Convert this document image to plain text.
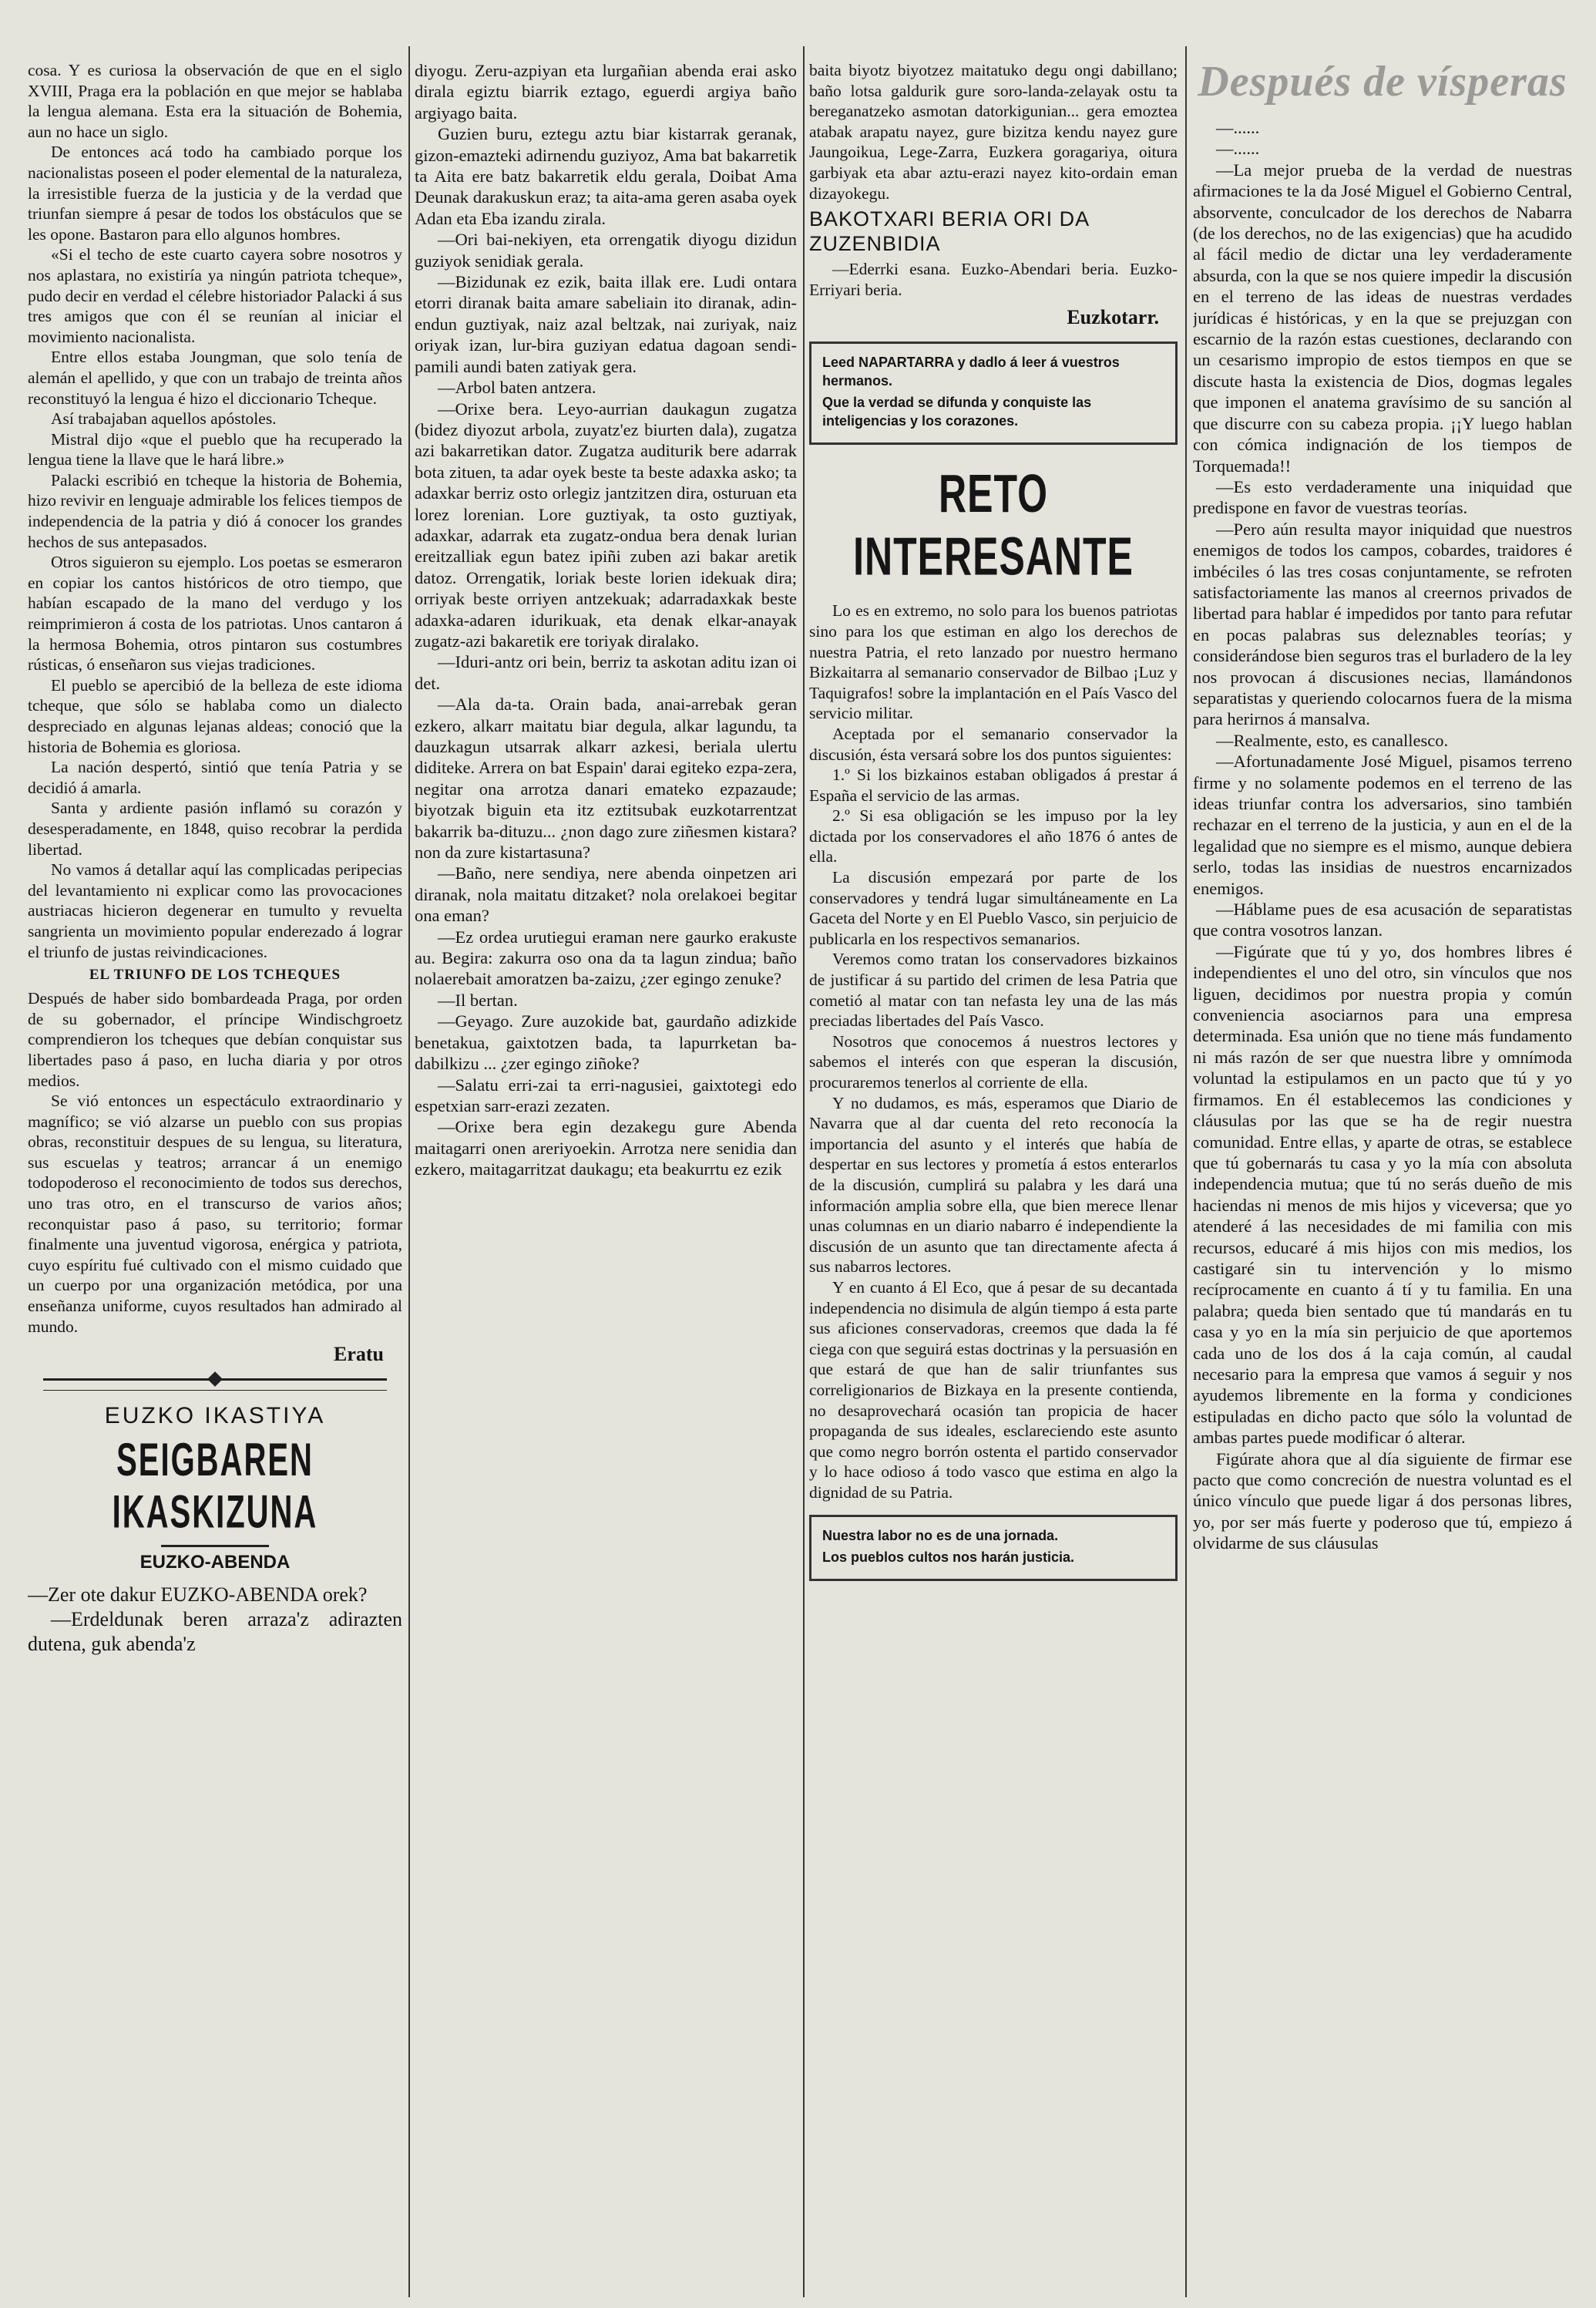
cosa. Y es curiosa la observación de que en el siglo XVIII, Praga era la población en que mejor se hablaba la lengua alemana. Esta era la situación de Bohemia, aun no hace un siglo.

De entonces acá todo ha cambiado porque los nacionalistas poseen el poder elemental de la naturaleza, la irresistible fuerza de la justicia y de la verdad que triunfan siempre á pesar de todos los obstáculos que se les opone. Bastaron para ello algunos hombres.

«Si el techo de este cuarto cayera sobre nosotros y nos aplastara, no existiría ya ningún patriota tcheque», pudo decir en verdad el célebre historiador Palacki á sus tres amigos que con él se reunían al iniciar el movimiento nacionalista.

Entre ellos estaba Joungman, que solo tenía de alemán el apellido, y que con un trabajo de treinta años reconstituyó la lengua é hizo el diccionario Tcheque.

Así trabajaban aquellos apóstoles.

Mistral dijo «que el pueblo que ha recuperado la lengua tiene la llave que le hará libre.»

Palacki escribió en tcheque la historia de Bohemia, hizo revivir en lenguaje admirable los felices tiempos de independencia de la patria y dió á conocer los grandes hechos de sus antepasados.

Otros siguieron su ejemplo. Los poetas se esmeraron en copiar los cantos históricos de otro tiempo, que habían escapado de la mano del verdugo y los reimprimieron á costa de los patriotas. Unos cantaron á la hermosa Bohemia, otros pintaron sus costumbres rústicas, ó enseñaron sus viejas tradiciones.

El pueblo se apercibió de la belleza de este idioma tcheque, que sólo se hablaba como un dialecto despreciado en algunas lejanas aldeas; conoció que la historia de Bohemia es gloriosa.

La nación despertó, sintió que tenía Patria y se decidió á amarla.

Santa y ardiente pasión inflamó su corazón y desesperadamente, en 1848, quiso recobrar la perdida libertad.

No vamos á detallar aquí las complicadas peripecias del levantamiento ni explicar como las provocaciones austriacas hicieron degenerar en tumulto y revuelta sangrienta un movimiento popular enderezado á lograr el triunfo de justas reivindicaciones.

EL TRIUNFO DE LOS TCHEQUES

Después de haber sido bombardeada Praga, por orden de su gobernador, el príncipe Windischgroetz comprendieron los tcheques que debían conquistar sus libertades paso á paso, en lucha diaria y por otros medios.

Se vió entonces un espectáculo extraordinario y magnífico; se vió alzarse un pueblo con sus propias obras, reconstituir despues de su lengua, su literatura, sus escuelas y teatros; arrancar á un enemigo todopoderoso el reconocimiento de todos sus derechos, uno tras otro, en el transcurso de varios años; reconquistar paso á paso, su territorio; formar finalmente una juventud vigorosa, enérgica y patriota, cuyo espíritu fué cultivado con el mismo cuidado que un cuerpo por una organización metódica, por una enseñanza uniforme, cuyos resultados han admirado al mundo.

Eratu
EUZKO IKASTIYA
SEIGBAREN IKASKIZUNA
EUZKO-ABENDA

—Zer ote dakur EUZKO-ABENDA orek?

—Erdeldunak beren arraza'z adirazten dutena, guk abenda'z

diyogu. Zeru-azpiyan eta lurgañian abenda erai asko dirala egiztu biarrik eztago, eguerdi argiya baño argiyago baita.

Guzien buru, eztegu aztu biar kistarrak geranak, gizon-emazteki adirnendu guziyoz, Ama bat bakarretik ta Aita ere batz bakarretik eldu gerala, Doibat Ama Deunak darakuskun eraz; ta aita-ama geren asaba oyek Adan eta Eba izandu zirala.

—Ori bai-nekiyen, eta orrengatik diyogu dizidun guziyok senidiak gerala.

—Bizidunak ez ezik, baita illak ere. Ludi ontara etorri diranak baita amare sabeliain ito diranak, adin-endun guztiyak, naiz azal beltzak, nai zuriyak, naiz oriyak izan, lur-bira guziyan edatua dagoan sendi-pamili aundi baten zatiyak gera.

—Arbol baten antzera.

—Orixe bera. Leyo-aurrian daukagun zugatza (bidez diyozut arbola, zuyatz'ez biurten dala), zugatza azi bakarretikan dator. Zugatza auditurik bere adarrak bota zituen, ta adar oyek beste ta beste adaxka asko; ta adaxkar berriz osto orlegiz jantzitzen dira, osturuan eta lorez lorenian. Lore guztiyak, ta osto guztiyak, adaxkar, adarrak eta zugatz-ondua bera denak lurian ereitzalliak egun batez ipiñi zuben azi bakar aretik datoz. Orrengatik, loriak beste lorien idekuak dira; orriyak beste orriyen antzekuak; adarradaxkak beste adaxka-adaren idurikuak, eta denak elkar-anayak zugatz-azi bakaretik ere toriyak diralako.

—Iduri-antz ori bein, berriz ta askotan aditu izan oi det.

—Ala da-ta. Orain bada, anai-arrebak geran ezkero, alkarr maitatu biar degula, alkar lagundu, ta dauzkagun utsarrak alkarr azkesi, beriala ulertu diditeke. Arrera on bat Espain' darai egiteko ezpa-zera, negitar ona arrotza danari emateko ezpazaude; biyotzak biguin eta itz eztitsubak euzkotarrentzat bakarrik ba-dituzu... ¿non dago zure ziñesmen kistara? non da zure kistartasuna?

—Baño, nere sendiya, nere abenda oinpetzen ari diranak, nola maitatu ditzaket? nola orelakoei begitar ona eman?

—Ez ordea urutiegui eraman nere gaurko erakuste au. Begira: zakurra oso ona da ta lagun zindua; baño nolaerebait amoratzen ba-zaizu, ¿zer egingo zenuke?

—Il bertan.

—Geyago. Zure auzokide bat, gaurdaño adizkide benetakua, gaixtotzen bada, ta lapurrketan ba-dabilkizu ... ¿zer egingo ziñoke?

—Salatu erri-zai ta erri-nagusiei, gaixtotegi edo espetxian sarr-erazi zezaten.

—Orixe bera egin dezakegu gure Abenda maitagarri onen areriyoekin. Arrotza nere senidia dan ezkero, maitagarritzat daukagu; eta beakurrtu ez ezik

baita biyotz biyotzez maitatuko degu ongi dabillano; baño lotsa galdurik gure soro-landa-zelayak ostu ta bereganatzeko asmotan datorkigunian... gera emoztea atabak arapatu nayez, gure bizitza kendu nayez gure Jaungoikua, Lege-Zarra, Euzkera goragariya, oitura garbiyak eta abar aztu-erazi nayez kito-ordain eman dizayokegu.

BAKOTXARI BERIA ORI DA ZUZENBIDIA

—Ederrki esana. Euzko-Abendari beria. Euzko-Erriyari beria.

Euzkotarr.

Leed NAPARTARRA y dadlo á leer á vuestros hermanos.

Que la verdad se difunda y conquiste las inteligencias y los corazones.

RETO INTERESANTE

Lo es en extremo, no solo para los buenos patriotas sino para los que estiman en algo los derechos de nuestra Patria, el reto lanzado por nuestro hermano Bizkaitarra al semanario conservador de Bilbao ¡Luz y Taquigrafos! sobre la implantación en el País Vasco del servicio militar.

Aceptada por el semanario conservador la discusión, ésta versará sobre los dos puntos siguientes:

1.º Si los bizkainos estaban obligados á prestar á España el servicio de las armas.

2.º Si esa obligación se les impuso por la ley dictada por los conservadores el año 1876 ó antes de ella.

La discusión empezará por parte de los conservadores y tendrá lugar simultáneamente en La Gaceta del Norte y en El Pueblo Vasco, sin perjuicio de publicarla en los respectivos semanarios.

Veremos como tratan los conservadores bizkainos de justificar á su partido del crimen de lesa Patria que cometió al matar con tan nefasta ley una de las más preciadas libertades del País Vasco.

Nosotros que conocemos á nuestros lectores y sabemos el interés con que esperan la discusión, procuraremos tenerlos al corriente de ella.

Y no dudamos, es más, esperamos que Diario de Navarra que al dar cuenta del reto reconocía la importancia del asunto y el interés que había de despertar en sus lectores y prometía á estos enterarlos de la discusión, cumplirá su palabra y les dará una información amplia sobre ella, que bien merece llenar unas columnas en un diario nabarro é independiente la discusión de un asunto que tan directamente afecta á sus nabarros lectores.

Y en cuanto á El Eco, que á pesar de su decantada independencia no disimula de algún tiempo á esta parte sus aficiones conservadoras, creemos que dada la fé ciega con que seguirá estas doctrinas y la persuasión en que estará de que han de salir triunfantes sus correligionarios de Bizkaya en la presente contienda, no desaprovechará ocasión tan propicia de hacer propaganda de sus ideales, esclareciendo este asunto que como negro borrón ostenta el partido conservador y lo hace odioso á todo vasco que estima en algo la dignidad de su Patria.

Nuestra labor no es de una jornada.

Los pueblos cultos nos harán justicia.

Después de vísperas

—......

—......

—La mejor prueba de la verdad de nuestras afirmaciones te la da José Miguel el Gobierno Central, absorvente, conculcador de los derechos de Nabarra (de los derechos, no de las exigencias) que ha acudido al fácil medio de dictar una ley verdaderamente absurda, con la que se nos quiere impedir la discusión en el terreno de las ideas de nuestras verdades jurídicas é históricas, y en la que se prejuzgan con escarnio de la razón estas cuestiones, declarando con un cesarismo impropio de estos tiempos en que se discute hasta la existencia de Dios, dogmas legales que imponen el anatema gravísimo de su sanción al que discurre con su cabeza propia. ¡¡Y luego hablan con cómica indignación de los tiempos de Torquemada!!

—Es esto verdaderamente una iniquidad que predispone en favor de vuestras teorías.

—Pero aún resulta mayor iniquidad que nuestros enemigos de todos los campos, cobardes, traidores é imbéciles ó las tres cosas conjuntamente, se refroten satisfactoriamente las manos al creernos privados de libertad para hablar é impedidos por tanto para refutar en pocas palabras sus deleznables teorías; y considerándose bien seguros tras el burladero de la ley nos provocan á discusiones necias, llamándonos separatistas y queriendo colocarnos fuera de la misma para herirnos á mansalva.

—Realmente, esto, es canallesco.

—Afortunadamente José Miguel, pisamos terreno firme y no solamente podemos en el terreno de las ideas triunfar contra los adversarios, sino también rechazar en el terreno de la justicia, y aun en el de la legalidad que no siempre es el mismo, aunque debiera serlo, todas las insidias de nuestros encarnizados enemigos.

—Háblame pues de esa acusación de separatistas que contra vosotros lanzan.

—Figúrate que tú y yo, dos hombres libres é independientes el uno del otro, sin vínculos que nos liguen, decidimos por nuestra propia y común conveniencia asociarnos para una empresa determinada. Esa unión que no tiene más fundamento ni más razón de ser que nuestra libre y omnímoda voluntad la estipulamos en un pacto que tú y yo firmamos. En él establecemos las condiciones y cláusulas por las que se ha de regir nuestra comunidad. Entre ellas, y aparte de otras, se establece que tú gobernarás tu casa y yo la mía con absoluta independencia mutua; que tú no serás dueño de mis haciendas ni menos de mis hijos y viceversa; que yo atenderé á las necesidades de mi familia con mis recursos, educaré á mis hijos con mis medios, los castigaré sin tu intervención y lo mismo recíprocamente en cuanto á tí y tu familia. En una palabra; queda bien sentado que tú mandarás en tu casa y yo en la mía sin perjuicio de que aportemos cada uno de los dos á la caja común, al caudal necesario para la empresa que vamos á seguir y nos ayudemos libremente en la forma y condiciones estipuladas en dicho pacto que sólo la voluntad de ambas partes puede modificar ó alterar.

Figúrate ahora que al día siguiente de firmar ese pacto que como concreción de nuestra voluntad es el único vínculo que puede ligar á dos personas libres, yo, por ser más fuerte y poderoso que tú, empiezo á olvidarme de sus cláusulas
